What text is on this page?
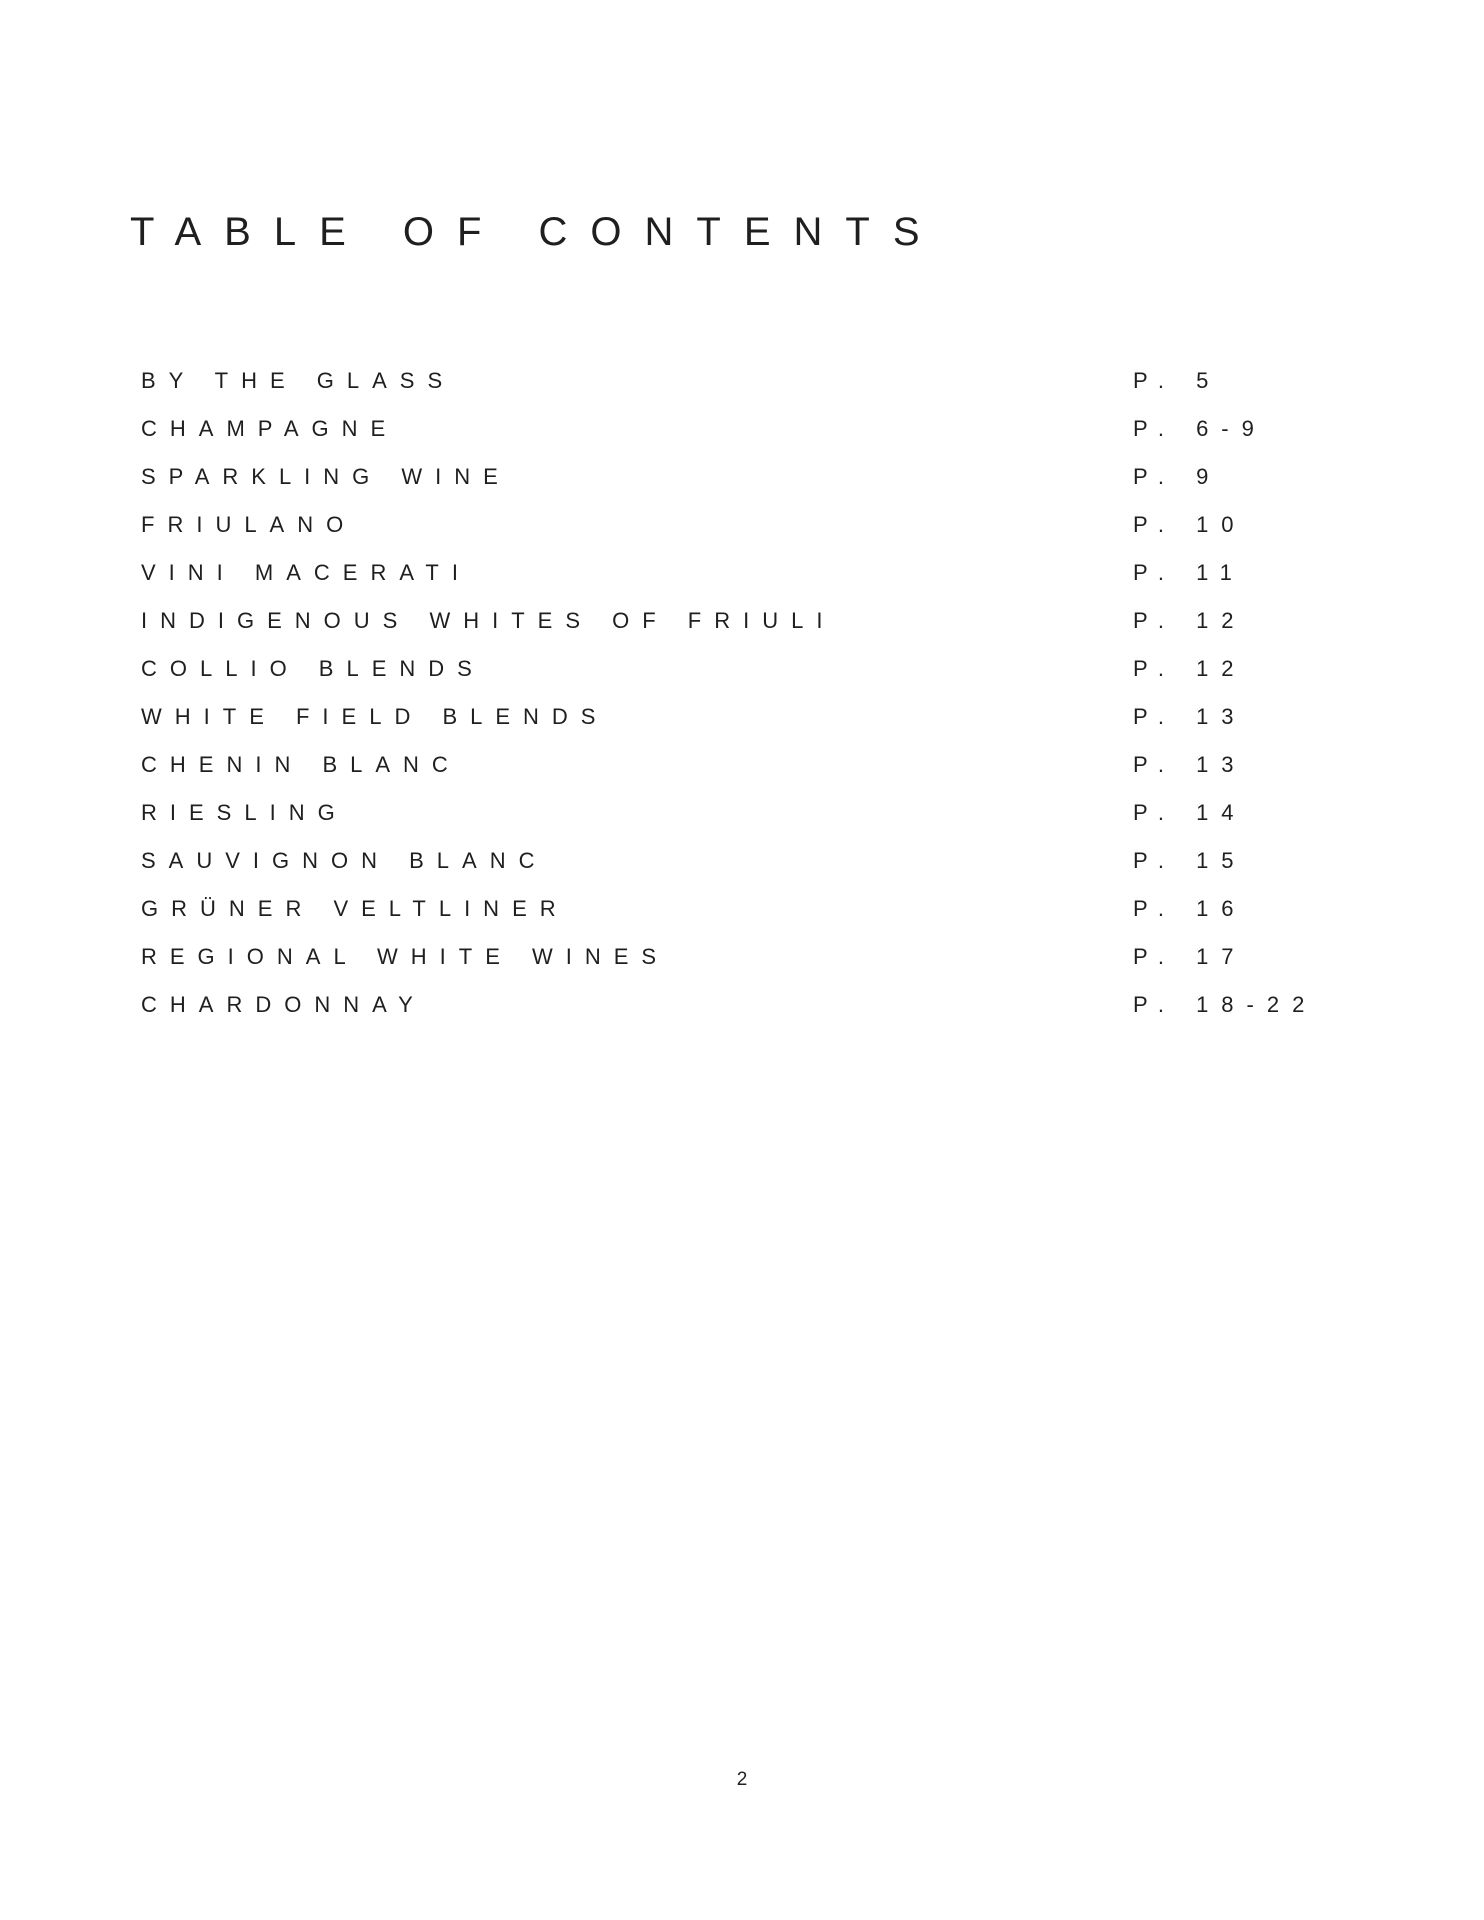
TABLE OF CONTENTS
BY THE GLASS	P. 5
CHAMPAGNE	P. 6-9
SPARKLING WINE	P. 9
FRIULANO	P. 10
VINI MACERATI	P. 11
INDIGENOUS WHITES OF FRIULI	P. 12
COLLIO BLENDS	P. 12
WHITE FIELD BLENDS	P. 13
CHENIN BLANC	P. 13
RIESLING	P. 14
SAUVIGNON BLANC	P. 15
GRÜNER VELTLINER	P. 16
REGIONAL WHITE WINES	P. 17
CHARDONNAY	P. 18-22
2
